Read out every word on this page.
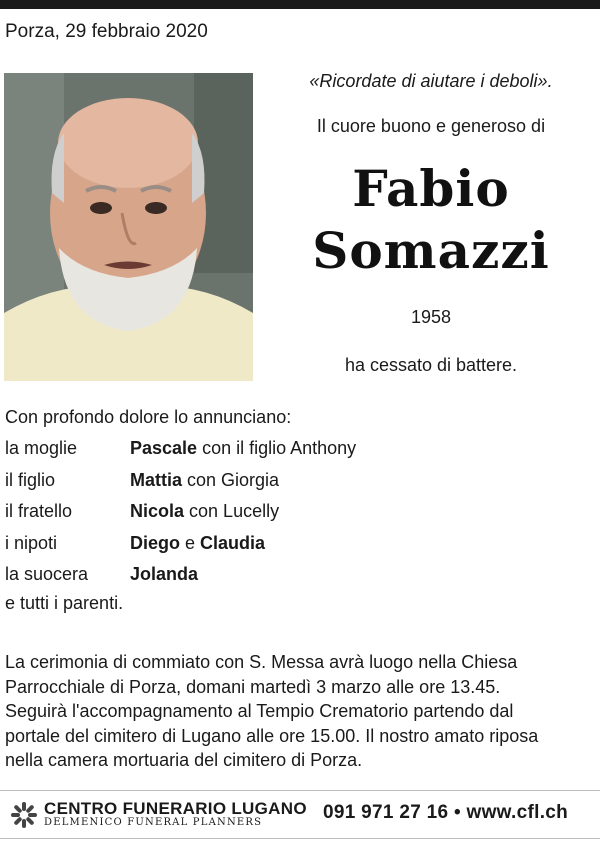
Porza, 29 febbraio 2020
«Ricordate di aiutare i deboli».
Il cuore buono e generoso di
Fabio
Somazzi
1958
ha cessato di battere.
Con profondo dolore lo annunciano:
la moglie	Pascale con il figlio Anthony
il figlio	Mattia con Giorgia
il fratello	Nicola con Lucelly
i nipoti	Diego e Claudia
la suocera	Jolanda
e tutti i parenti.
La cerimonia di commiato con S. Messa avrà luogo nella Chiesa Parrocchiale di Porza, domani martedì 3 marzo alle ore 13.45. Seguirà l'accompagnamento al Tempio Crematorio partendo dal portale del cimitero di Lugano alle ore 15.00. Il nostro amato riposa nella camera mortuaria del cimitero di Porza.
CENTRO FUNERARIO LUGANO
DELMENICO FUNERAL PLANNERS	091 971 27 16 • www.cfl.ch
